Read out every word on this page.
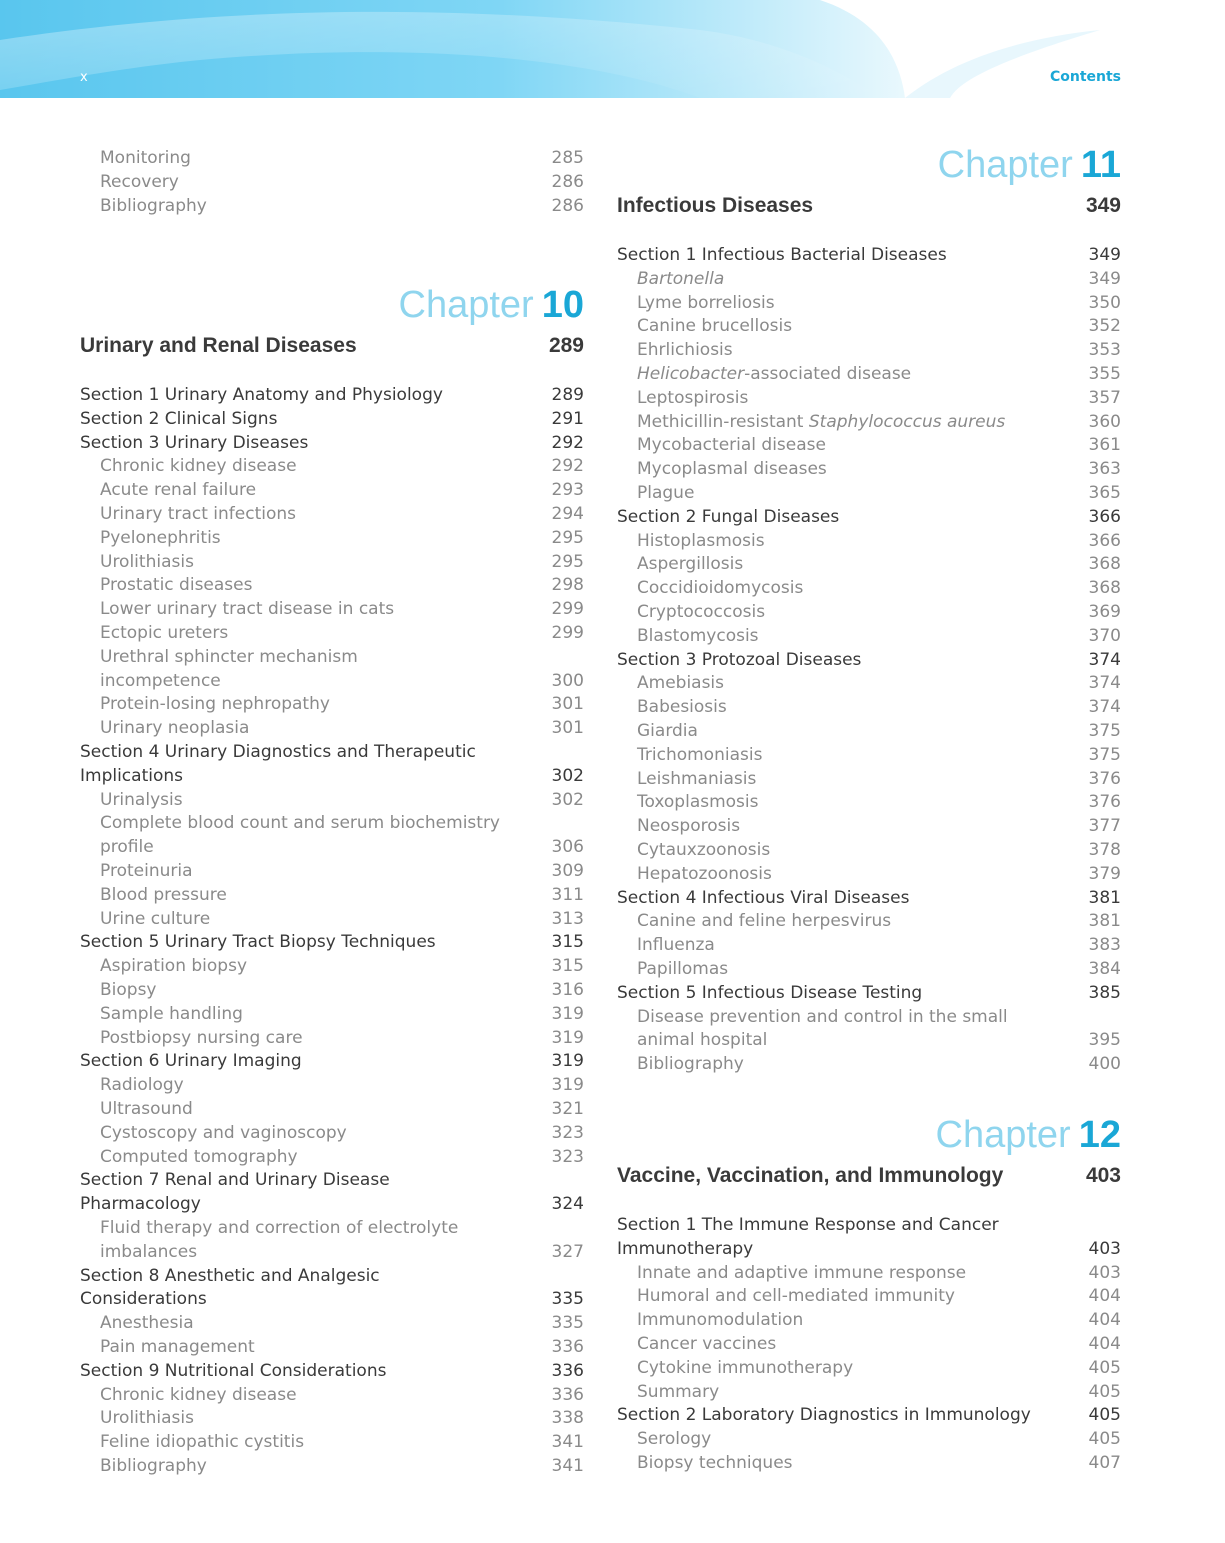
x	Contents
Monitoring	285
Recovery	286
Bibliography	286
Chapter 10
Urinary and Renal Diseases	289
Section 1 Urinary Anatomy and Physiology	289
Section 2 Clinical Signs	291
Section 3 Urinary Diseases	292
Chronic kidney disease	292
Acute renal failure	293
Urinary tract infections	294
Pyelonephritis	295
Urolithiasis	295
Prostatic diseases	298
Lower urinary tract disease in cats	299
Ectopic ureters	299
Urethral sphincter mechanism
incompetence	300
Protein-losing nephropathy	301
Urinary neoplasia	301
Section 4 Urinary Diagnostics and Therapeutic
Implications	302
Urinalysis	302
Complete blood count and serum biochemistry
profile	306
Proteinuria	309
Blood pressure	311
Urine culture	313
Section 5 Urinary Tract Biopsy Techniques	315
Aspiration biopsy	315
Biopsy	316
Sample handling	319
Postbiopsy nursing care	319
Section 6 Urinary Imaging	319
Radiology	319
Ultrasound	321
Cystoscopy and vaginoscopy	323
Computed tomography	323
Section 7 Renal and Urinary Disease
Pharmacology	324
Fluid therapy and correction of electrolyte
imbalances	327
Section 8 Anesthetic and Analgesic
Considerations	335
Anesthesia	335
Pain management	336
Section 9 Nutritional Considerations	336
Chronic kidney disease	336
Urolithiasis	338
Feline idiopathic cystitis	341
Bibliography	341
Chapter 11
Infectious Diseases	349
Section 1 Infectious Bacterial Diseases	349
Bartonella	349
Lyme borreliosis	350
Canine brucellosis	352
Ehrlichiosis	353
Helicobacter-associated disease	355
Leptospirosis	357
Methicillin-resistant Staphylococcus aureus	360
Mycobacterial disease	361
Mycoplasmal diseases	363
Plague	365
Section 2 Fungal Diseases	366
Histoplasmosis	366
Aspergillosis	368
Coccidioidomycosis	368
Cryptococcosis	369
Blastomycosis	370
Section 3 Protozoal Diseases	374
Amebiasis	374
Babesiosis	374
Giardia	375
Trichomoniasis	375
Leishmaniasis	376
Toxoplasmosis	376
Neosporosis	377
Cytauxzoonosis	378
Hepatozoonosis	379
Section 4 Infectious Viral Diseases	381
Canine and feline herpesvirus	381
Influenza	383
Papillomas	384
Section 5 Infectious Disease Testing	385
Disease prevention and control in the small
animal hospital	395
Bibliography	400
Chapter 12
Vaccine, Vaccination, and Immunology	403
Section 1 The Immune Response and Cancer
Immunotherapy	403
Innate and adaptive immune response	403
Humoral and cell-mediated immunity	404
Immunomodulation	404
Cancer vaccines	404
Cytokine immunotherapy	405
Summary	405
Section 2 Laboratory Diagnostics in Immunology	405
Serology	405
Biopsy techniques	407
